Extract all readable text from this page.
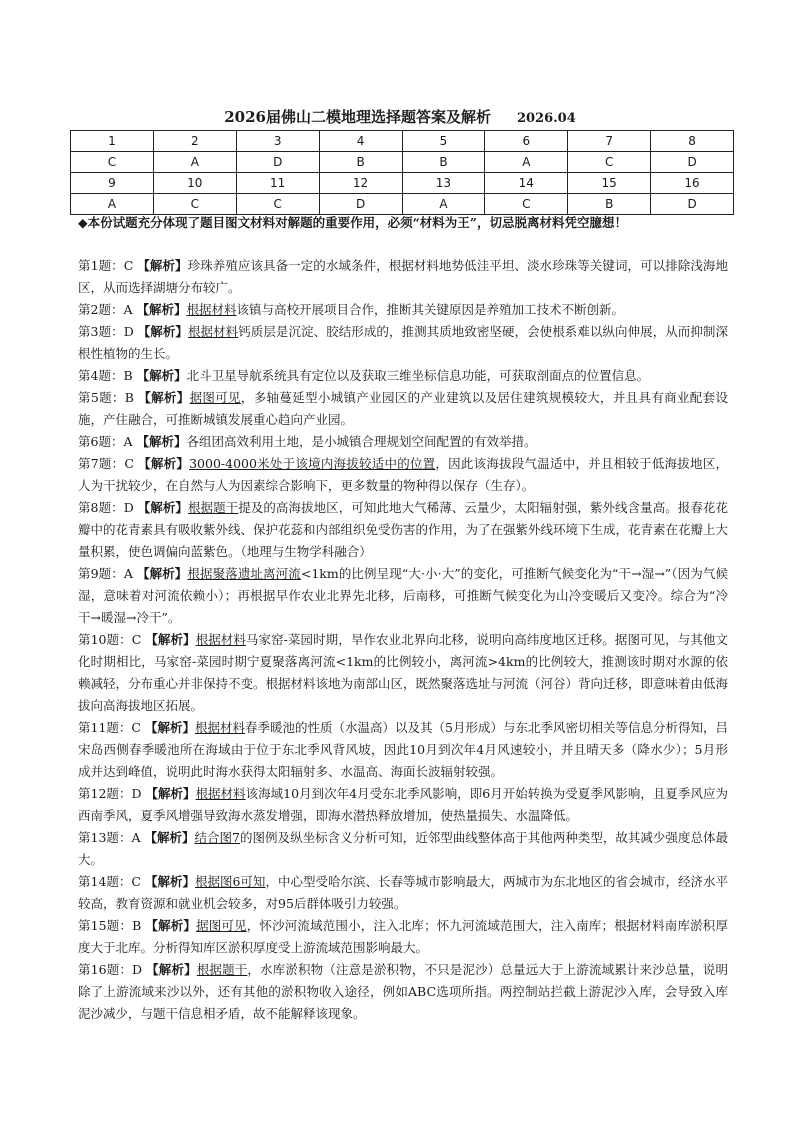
2026届佛山二模地理选择题答案及解析 2026.04
1	2	3	4	5	6	7	8
C	A	D	B	B	A	C	D
9	10	11	12	13	14	15	16
A	C	C	D	A	C	B	D
◆本份试题充分体现了题目图文材料对解题的重要作用，必须“材料为王”，切忌脱离材料凭空臆想！

第1题：C 【解析】珍珠养殖应该具备一定的水域条件，根据材料地势低洼平坦、淡水珍珠等关键词，可以排除浅海地区，从而选择湖塘分布较广。

第2题：A 【解析】根据材料该镇与高校开展项目合作，推断其关键原因是养殖加工技术不断创新。

第3题：D 【解析】根据材料钙质层是沉淀、胶结形成的，推测其质地致密坚硬，会使根系难以纵向伸展，从而抑制深根性植物的生长。

第4题：B 【解析】北斗卫星导航系统具有定位以及获取三维坐标信息功能，可获取剖面点的位置信息。

第5题：B 【解析】据图可见，多轴蔓延型小城镇产业园区的产业建筑以及居住建筑规模较大，并且具有商业配套设施，产住融合，可推断城镇发展重心趋向产业园。

第6题：A 【解析】各组团高效利用土地，是小城镇合理规划空间配置的有效举措。

第7题：C 【解析】3000-4000米处于该境内海拔较适中的位置，因此该海拔段气温适中，并且相较于低海拔地区，人为干扰较少，在自然与人为因素综合影响下，更多数量的物种得以保存（生存）。

第8题：D 【解析】根据题干提及的高海拔地区，可知此地大气稀薄、云量少，太阳辐射强，紫外线含量高。报春花花瓣中的花青素具有吸收紫外线、保护花蕊和内部组织免受伤害的作用，为了在强紫外线环境下生成，花青素在花瓣上大量积累，使色调偏向蓝紫色。（地理与生物学科融合）

第9题：A 【解析】根据聚落遗址离河流<1km的比例呈现“大·小·大”的变化，可推断气候变化为“干→湿→”（因为气候湿，意味着对河流依赖小）；再根据早作农业北界先北移，后南移，可推断气候变化为山冷变暖后又变冷。综合为“冷干→暖湿→冷干”。

第10题：C 【解析】根据材料马家窑-菜园时期，旱作农业北界向北移，说明向高纬度地区迁移。据图可见，与其他文化时期相比，马家窑-菜园时期宁夏聚落离河流<1km的比例较小，离河流>4km的比例较大，推测该时期对水源的依赖减轻，分布重心并非保持不变。根据材料该地为南部山区，既然聚落选址与河流（河谷）背向迁移，即意味着由低海拔向高海拔地区拓展。

第11题：C 【解析】根据材料春季暖池的性质（水温高）以及其（5月形成）与东北季风密切相关等信息分析得知，吕宋岛西侧春季暖池所在海域由于位于东北季风背风坡，因此10月到次年4月风速较小，并且晴天多（降水少）；5月形成并达到峰值，说明此时海水获得太阳辐射多、水温高、海面长波辐射较强。

第12题：D 【解析】根据材料该海域10月到次年4月受东北季风影响，即6月开始转换为受夏季风影响，且夏季风应为西南季风，夏季风增强导致海水蒸发增强，即海水潜热释放增加，使热量损失、水温降低。

第13题：A 【解析】结合图7的图例及纵坐标含义分析可知，近邻型曲线整体高于其他两种类型，故其减少强度总体最大。

第14题：C 【解析】根据图6可知，中心型受哈尔滨、长春等城市影响最大，两城市为东北地区的省会城市，经济水平较高，教育资源和就业机会较多，对95后群体吸引力较强。

第15题：B 【解析】据图可见，怀沙河流域范围小，注入北库；怀九河流域范围大，注入南库；根据材料南库淤积厚度大于北库。分析得知库区淤积厚度受上游流域范围影响最大。

第16题：D 【解析】根据题干，水库淤积物（注意是淤积物，不只是泥沙）总量远大于上游流域累计来沙总量，说明除了上游流域来沙以外，还有其他的淤积物收入途径，例如ABC选项所指。两控制站拦截上游泥沙入库，会导致入库泥沙减少，与题干信息相矛盾，故不能解释该现象。
